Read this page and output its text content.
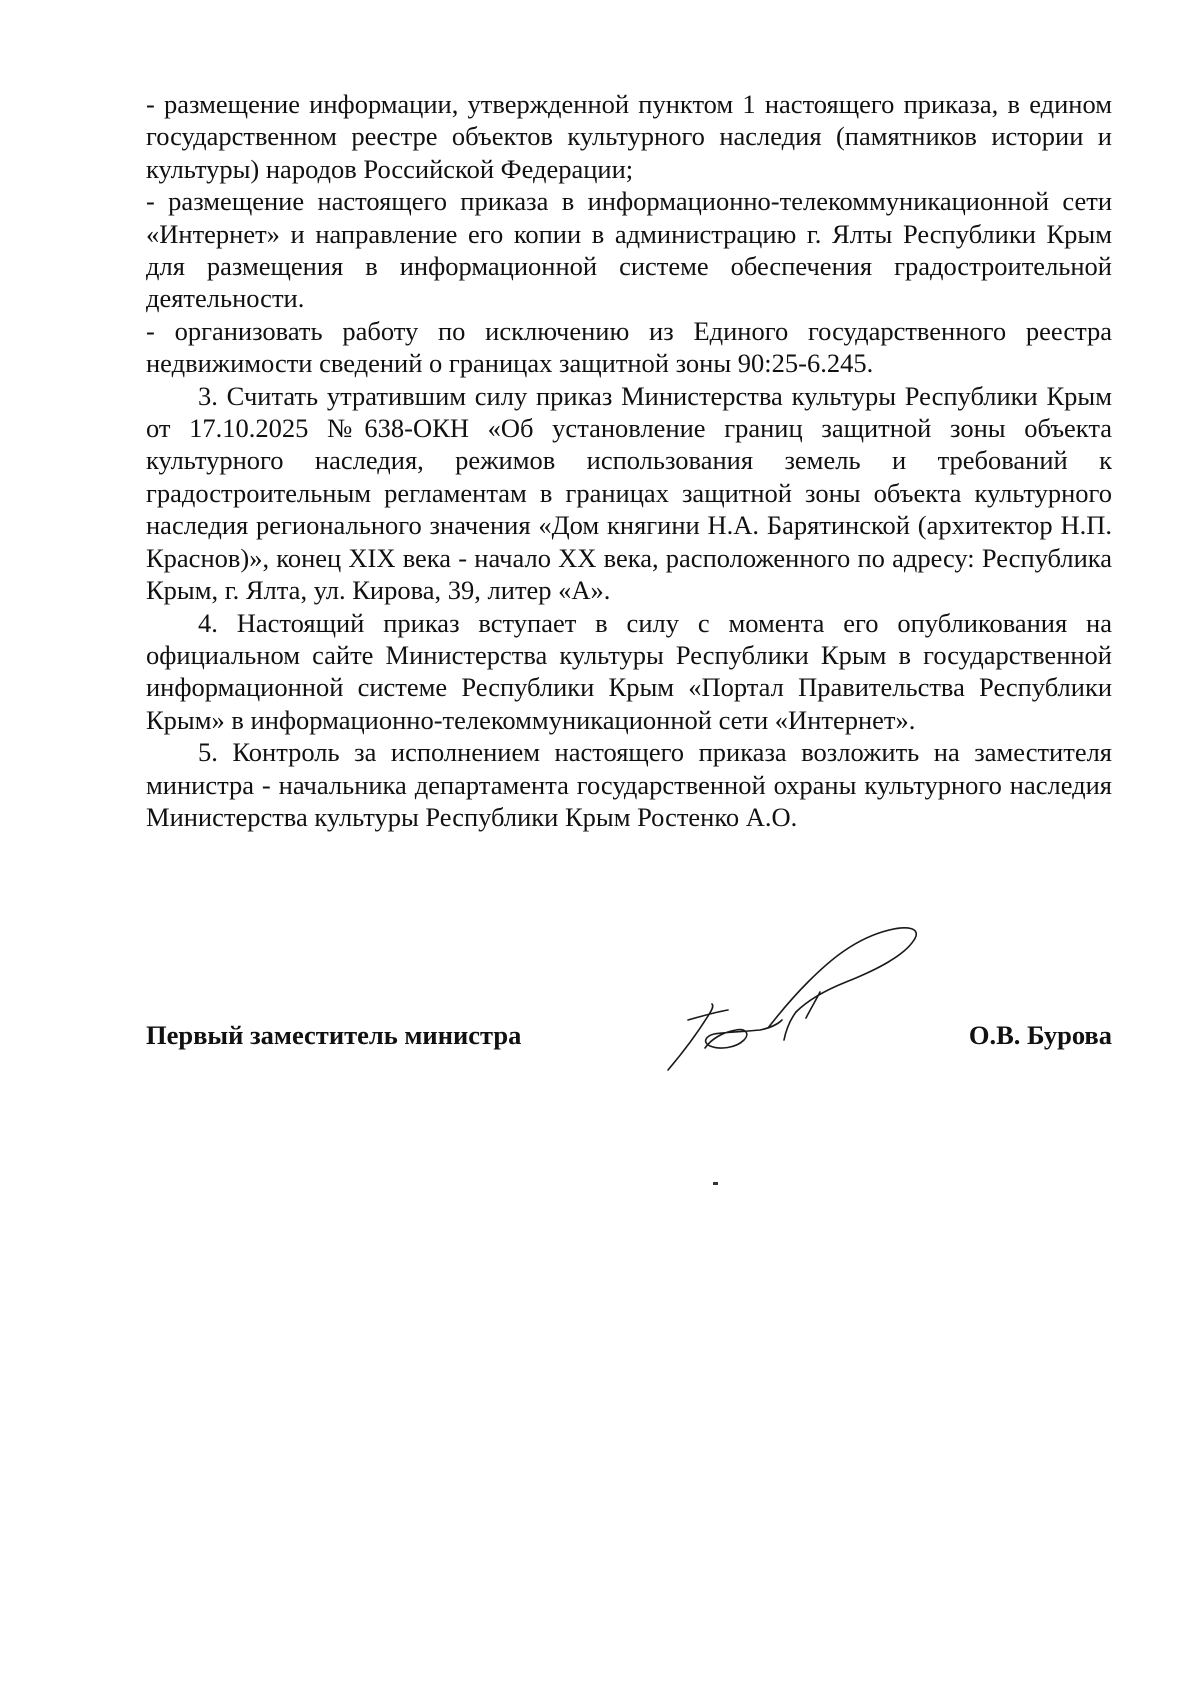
- размещение информации, утвержденной пунктом 1 настоящего приказа, в едином государственном реестре объектов культурного наследия (памятников истории и культуры) народов Российской Федерации;

- размещение настоящего приказа в информационно-телекоммуникационной сети «Интернет» и направление его копии в администрацию г. Ялты Республики Крым для размещения в информационной системе обеспечения градостроительной деятельности.

- организовать работу по исключению из Единого государственного реестра недвижимости сведений о границах защитной зоны 90:25-6.245.

3. Считать утратившим силу приказ Министерства культуры Республики Крым от 17.10.2025 №638-ОКН «Об установление границ защитной зоны объекта культурного наследия, режимов использования земель и требований к градостроительным регламентам в границах защитной зоны объекта культурного наследия регионального значения «Дом княгини Н.А. Барятинской (архитектор Н.П. Краснов)», конец XIX века - начало XX века, расположенного по адресу: Республика Крым, г. Ялта, ул. Кирова, 39, литер «А».

4. Настоящий приказ вступает в силу с момента его опубликования на официальном сайте Министерства культуры Республики Крым в государственной информационной системе Республики Крым «Портал Правительства Республики Крым» в информационно-телекоммуникационной сети «Интернет».

5. Контроль за исполнением настоящего приказа возложить на заместителя министра - начальника департамента государственной охраны культурного наследия Министерства культуры Республики Крым Ростенко А.О.

Первый заместитель министра	О.В. Бурова
